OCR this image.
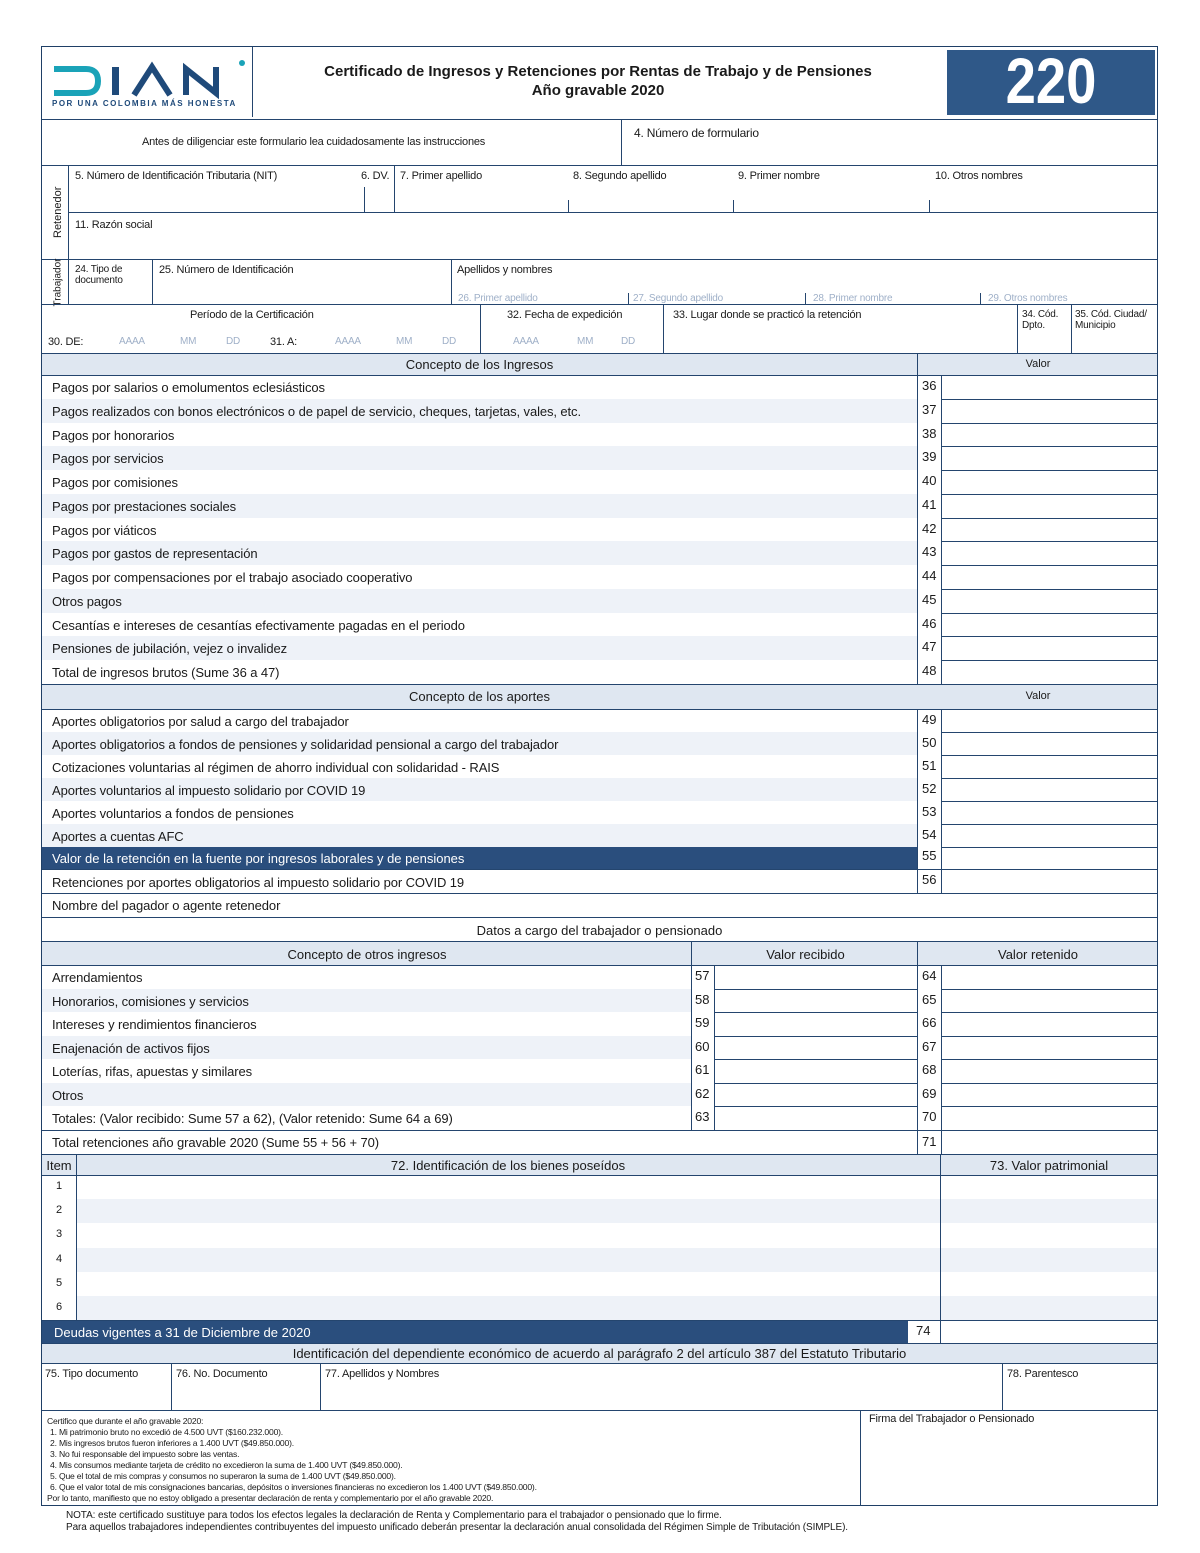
POR UNA COLOMBIA MÁS HONESTA
Certificado de Ingresos y Retenciones por Rentas de Trabajo y de Pensiones
Año gravable 2020	220
Antes de diligenciar este formulario lea cuidadosamente las instrucciones
4. Número de formulario
Retenedor
5. Número de Identificación Tributaria (NIT)	6. DV. 7. Primer apellido	8. Segundo apellido	9. Primer nombre	10. Otros nombres
11. Razón social
Trabajador 24. Tipo de documento
25. Número de Identificación	Apellidos y nombres
26. Primer apellido	27. Segundo apellido	28. Primer nombre	29. Otros nombres
Período de la Certificación
30. DE:	AAAA	MM	DD	31. A:	AAAA	MM	DD
32. Fecha de expedición
AAAA	MM	DD
33. Lugar donde se practicó la retención	34. Cód. Dpto.
35. Cód. Ciudad/ Municipio
Concepto de los Ingresos	Valor
Pagos por salarios o emolumentos eclesiásticos	36
Pagos realizados con bonos electrónicos o de papel de servicio, cheques, tarjetas, vales, etc.	37
Pagos por honorarios	38
Pagos por servicios	39
Pagos por comisiones	40
Pagos por prestaciones sociales	41
Pagos por viáticos	42
Pagos por gastos de representación	43
Pagos por compensaciones por el trabajo asociado cooperativo	44
Otros pagos	45
Cesantías e intereses de cesantías efectivamente pagadas en el periodo	46
Pensiones de jubilación, vejez o invalidez	47
Total de ingresos brutos (Sume 36 a 47)	48
Concepto de los aportes	Valor
Aportes obligatorios por salud a cargo del trabajador	49
Aportes obligatorios a fondos de pensiones y solidaridad pensional a cargo del trabajador	50
Cotizaciones voluntarias al régimen de ahorro individual con solidaridad - RAIS	51
Aportes voluntarios al impuesto solidario por COVID 19	52
Aportes voluntarios a fondos de pensiones	53
Aportes a cuentas AFC	54
Valor de la retención en la fuente por ingresos laborales y de pensiones	55
Retenciones por aportes obligatorios al impuesto solidario por COVID 19	56
Nombre del pagador o agente retenedor
Datos a cargo del trabajador o pensionado
Concepto de otros ingresos	Valor recibido	Valor retenido
Arrendamientos	57	64
Honorarios, comisiones y servicios	58	65
Intereses y rendimientos financieros	59	66
Enajenación de activos fijos	60	67
Loterías, rifas, apuestas y similares	61	68
Otros	62	69
Totales: (Valor recibido: Sume 57 a 62), (Valor retenido: Sume 64 a 69)	63	70
Total retenciones año gravable 2020 (Sume 55 + 56 + 70)	71
Item	72. Identificación de los bienes poseídos	73. Valor patrimonial
1
2
3
4
5
6
Deudas vigentes a 31 de Diciembre de 2020	74
Identificación del dependiente económico de acuerdo al parágrafo 2 del artículo 387 del Estatuto Tributario
75. Tipo documento	76. No. Documento	77. Apellidos y Nombres	78. Parentesco
Certifico que durante el año gravable 2020:
1. Mi patrimonio bruto no excedió de 4.500 UVT ($160.232.000).
2. Mis ingresos brutos fueron inferiores a 1.400 UVT ($49.850.000).
3. No fui responsable del impuesto sobre las ventas.
4. Mis consumos mediante tarjeta de crédito no excedieron la suma de 1.400 UVT ($49.850.000).
5. Que el total de mis compras y consumos no superaron la suma de 1.400 UVT ($49.850.000).
6. Que el valor total de mis consignaciones bancarias, depósitos o inversiones financieras no excedieron los 1.400 UVT ($49.850.000).
Por lo tanto, manifiesto que no estoy obligado a presentar declaración de renta y complementario por el año gravable 2020.
Firma del Trabajador o Pensionado
NOTA: este certificado sustituye para todos los efectos legales la declaración de Renta y Complementario para el trabajador o pensionado que lo firme.
Para aquellos trabajadores independientes contribuyentes del impuesto unificado deberán presentar la declaración anual consolidada del Régimen Simple de Tributación (SIMPLE).
